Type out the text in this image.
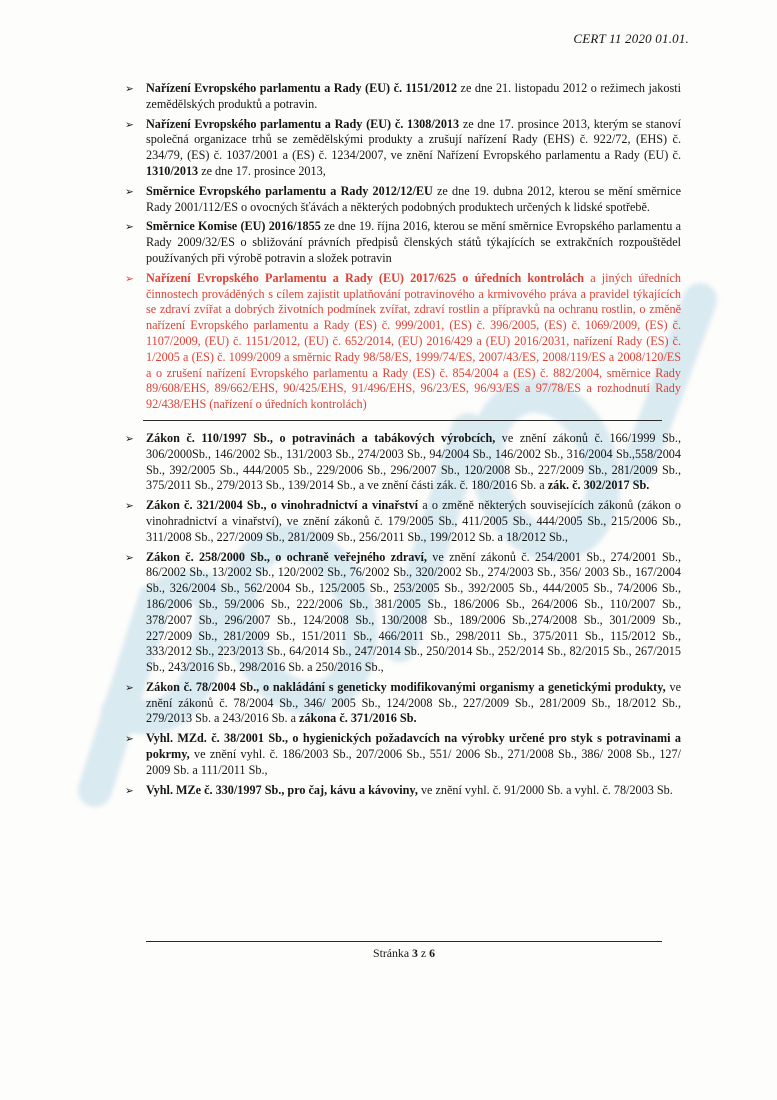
CERT 11 2020 01.01.
➢ Nařízení Evropského parlamentu a Rady (EU) č. 1151/2012 ze dne 21. listopadu 2012 o režimech jakosti zemědělských produktů a potravin.
➢ Nařízení Evropského parlamentu a Rady (EU) č. 1308/2013 ze dne 17. prosince 2013, kterým se stanoví společná organizace trhů se zemědělskými produkty a zrušují nařízení Rady (EHS) č. 922/72, (EHS) č. 234/79, (ES) č. 1037/2001 a (ES) č. 1234/2007, ve znění Nařízení Evropského parlamentu a Rady (EU) č. 1310/2013 ze dne 17. prosince 2013,
➢ Směrnice Evropského parlamentu a Rady 2012/12/EU ze dne 19. dubna 2012, kterou se mění směrnice Rady 2001/112/ES o ovocných šťávách a některých podobných produktech určených k lidské spotřebě.
➢ Směrnice Komise (EU) 2016/1855 ze dne 19. října 2016, kterou se mění směrnice Evropského parlamentu a Rady 2009/32/ES o sbližování právních předpisů členských států týkajících se extrakčních rozpouštědel používaných při výrobě potravin a složek potravin
➢ Nařízení Evropského Parlamentu a Rady (EU) 2017/625 o úředních kontrolách a jiných úředních činnostech prováděných s cílem zajistit uplatňování potravinového a krmivového práva a pravidel týkajících se zdraví zvířat a dobrých životních podmínek zvířat, zdraví rostlin a přípravků na ochranu rostlin, o změně nařízení Evropského parlamentu a Rady (ES) č. 999/2001, (ES) č. 396/2005, (ES) č. 1069/2009, (ES) č. 1107/2009, (EU) č. 1151/2012, (EU) č. 652/2014, (EU) 2016/429 a (EU) 2016/2031, nařízení Rady (ES) č. 1/2005 a (ES) č. 1099/2009 a směrnic Rady 98/58/ES, 1999/74/ES, 2007/43/ES, 2008/119/ES a 2008/120/ES a o zrušení nařízení Evropského parlamentu a Rady (ES) č. 854/2004 a (ES) č. 882/2004, směrnice Rady 89/608/EHS, 89/662/EHS, 90/425/EHS, 91/496/EHS, 96/23/ES, 96/93/ES a 97/78/ES a rozhodnutí Rady 92/438/EHS (nařízení o úředních kontrolách)
➢ Zákon č. 110/1997 Sb., o potravinách a tabákových výrobcích, ve znění zákonů č. 166/1999 Sb., 306/2000Sb., 146/2002 Sb., 131/2003 Sb., 274/2003 Sb., 94/2004 Sb., 146/2002 Sb., 316/2004 Sb.,558/2004 Sb., 392/2005 Sb., 444/2005 Sb., 229/2006 Sb., 296/2007 Sb., 120/2008 Sb., 227/2009 Sb., 281/2009 Sb., 375/2011 Sb., 279/2013 Sb., 139/2014 Sb., a ve znění části zák. č. 180/2016 Sb. a zák. č. 302/2017 Sb.
➢ Zákon č. 321/2004 Sb., o vinohradnictví a vinařství a o změně některých souvisejících zákonů (zákon o vinohradnictví a vinařství), ve znění zákonů č. 179/2005 Sb., 411/2005 Sb., 444/2005 Sb., 215/2006 Sb., 311/2008 Sb., 227/2009 Sb., 281/2009 Sb., 256/2011 Sb., 199/2012 Sb. a 18/2012 Sb.,
➢ Zákon č. 258/2000 Sb., o ochraně veřejného zdraví, ve znění zákonů č. 254/2001 Sb., 274/2001 Sb., 86/2002 Sb., 13/2002 Sb., 120/2002 Sb., 76/2002 Sb., 320/2002 Sb., 274/2003 Sb., 356/ 2003 Sb., 167/2004 Sb., 326/2004 Sb., 562/2004 Sb., 125/2005 Sb., 253/2005 Sb., 392/2005 Sb., 444/2005 Sb., 74/2006 Sb., 186/2006 Sb., 59/2006 Sb., 222/2006 Sb., 381/2005 Sb., 186/2006 Sb., 264/2006 Sb., 110/2007 Sb., 378/2007 Sb., 296/2007 Sb., 124/2008 Sb., 130/2008 Sb., 189/2006 Sb.,274/2008 Sb., 301/2009 Sb., 227/2009 Sb., 281/2009 Sb., 151/2011 Sb., 466/2011 Sb., 298/2011 Sb., 375/2011 Sb., 115/2012 Sb., 333/2012 Sb., 223/2013 Sb., 64/2014 Sb., 247/2014 Sb., 250/2014 Sb., 252/2014 Sb., 82/2015 Sb., 267/2015 Sb., 243/2016 Sb., 298/2016 Sb. a 250/2016 Sb.,
➢ Zákon č. 78/2004 Sb., o nakládání s geneticky modifikovanými organismy a genetickými produkty, ve znění zákonů č. 78/2004 Sb., 346/ 2005 Sb., 124/2008 Sb., 227/2009 Sb., 281/2009 Sb., 18/2012 Sb., 279/2013 Sb. a 243/2016 Sb. a zákona č. 371/2016 Sb.
➢ Vyhl. MZd. č. 38/2001 Sb., o hygienických požadavcích na výrobky určené pro styk s potravinami a pokrmy, ve znění vyhl. č. 186/2003 Sb., 207/2006 Sb., 551/ 2006 Sb., 271/2008 Sb., 386/ 2008 Sb., 127/ 2009 Sb. a 111/2011 Sb.,
➢ Vyhl. MZe č. 330/1997 Sb., pro čaj, kávu a kávoviny, ve znění vyhl. č. 91/2000 Sb. a vyhl. č. 78/2003 Sb.
Stránka 3 z 6
